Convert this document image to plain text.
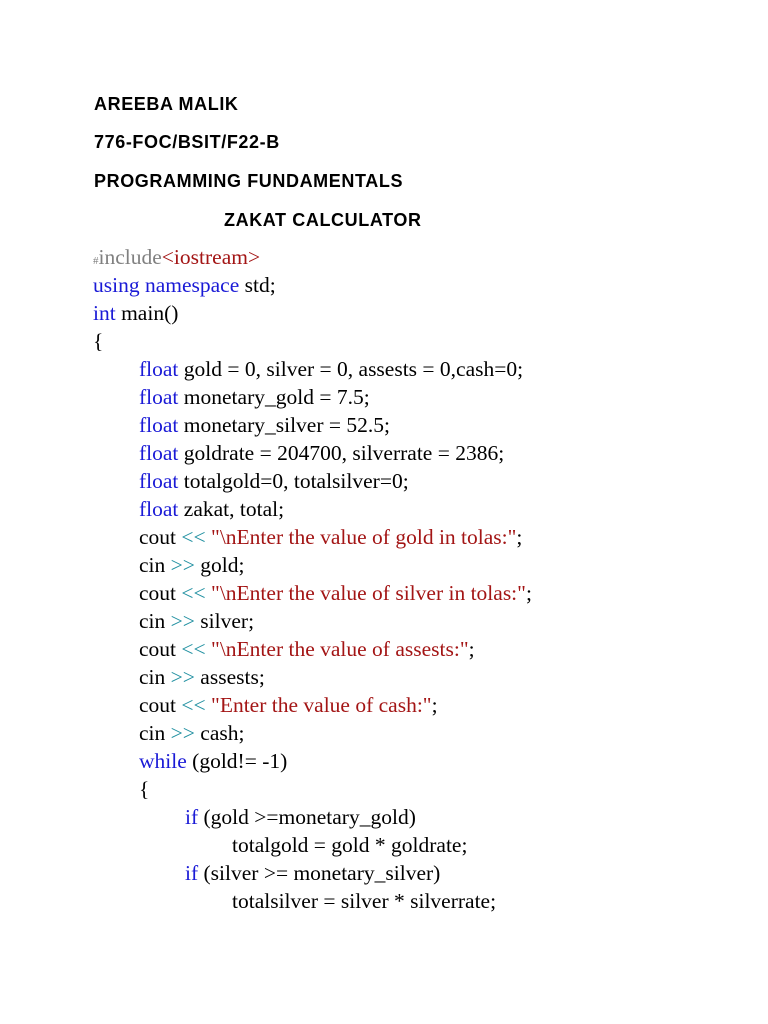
AREEBA MALIK
776-FOC/BSIT/F22-B
PROGRAMMING FUNDAMENTALS
ZAKAT CALCULATOR
#include<iostream>
using namespace std;
int main()
{
float gold = 0, silver = 0, assests = 0,cash=0;
float monetary_gold = 7.5;
float monetary_silver = 52.5;
float goldrate = 204700, silverrate = 2386;
float totalgold=0, totalsilver=0;
float zakat, total;
cout << "\nEnter the value of gold in tolas:";
cin >> gold;
cout << "\nEnter the value of silver in tolas:";
cin >> silver;
cout << "\nEnter the value of assests:";
cin >> assests;
cout << "Enter the value of cash:";
cin >> cash;
while (gold!= -1)
{
if (gold >=monetary_gold)
totalgold = gold * goldrate;
if (silver >= monetary_silver)
totalsilver = silver * silverrate;
